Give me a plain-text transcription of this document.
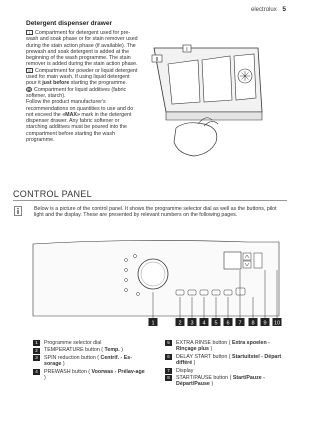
electrolux 5
Detergent dispenser drawer

I Compartment for detergent used for pre-wash and soak phase or for stain remover used during the stain action phase (if available). The prewash and soak detergent is added at the beginning of the wash programme. The stain remover is added during the stain action phase.

II Compartment for powder or liquid detergent used for main wash. If using liquid detergent pour it just before starting the programme.

✿ Compartment for liquid additives (fabric softener, starch).

Follow the product manufacturer's recommendations on quantities to use and do not exceed the «MAX» mark in the detergent dispenser drawer. Any fabric softener or starching additives must be poured into the compartment before starting the wash programme.

I
II
CONTROL PANEL
Below is a picture of the control panel. It shows the programme selector dial as well as the buttons, pilot light and the display. These are presented by relevant numbers on the following pages.
1	2 3 4 5 6 7 8 9 10
1	Programme selector dial
2	TEMPERATURE button ( Temp. )
3	SPIN reduction button ( Centrif. - Es-sorage )
4	PREWASH button ( Voorwas - Prélav-age )
5	EXTRA RINSE button ( Extra spoelen - Rinçage plus )
6	DELAY START button ( Startuitstel - Départ différé )
7	Display
8	START/PAUSE button ( Start/Pauze - Départ/Pause )
